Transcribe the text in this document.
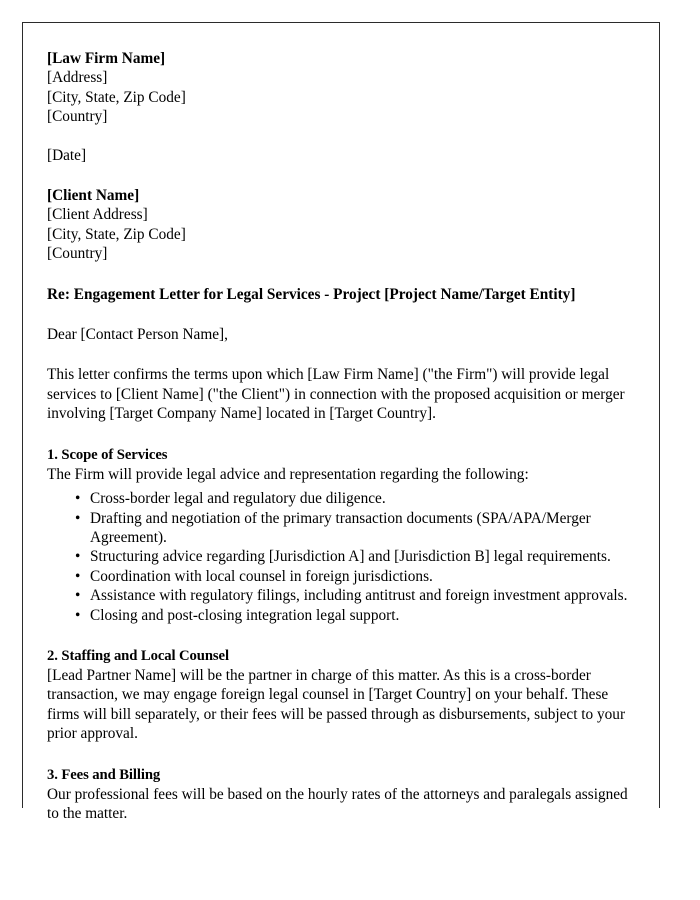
[Law Firm Name]
[Address]
[City, State, Zip Code]
[Country]
[Date]
[Client Name]
[Client Address]
[City, State, Zip Code]
[Country]
Re: Engagement Letter for Legal Services - Project [Project Name/Target Entity]
Dear [Contact Person Name],
This letter confirms the terms upon which [Law Firm Name] ("the Firm") will provide legal services to [Client Name] ("the Client") in connection with the proposed acquisition or merger involving [Target Company Name] located in [Target Country].
1. Scope of Services
The Firm will provide legal advice and representation regarding the following:
• Cross-border legal and regulatory due diligence.
• Drafting and negotiation of the primary transaction documents (SPA/APA/Merger Agreement).
• Structuring advice regarding [Jurisdiction A] and [Jurisdiction B] legal requirements.
• Coordination with local counsel in foreign jurisdictions.
• Assistance with regulatory filings, including antitrust and foreign investment approvals.
• Closing and post-closing integration legal support.
2. Staffing and Local Counsel
[Lead Partner Name] will be the partner in charge of this matter. As this is a cross-border transaction, we may engage foreign legal counsel in [Target Country] on your behalf. These firms will bill separately, or their fees will be passed through as disbursements, subject to your prior approval.
3. Fees and Billing
Our professional fees will be based on the hourly rates of the attorneys and paralegals assigned to the matter.
